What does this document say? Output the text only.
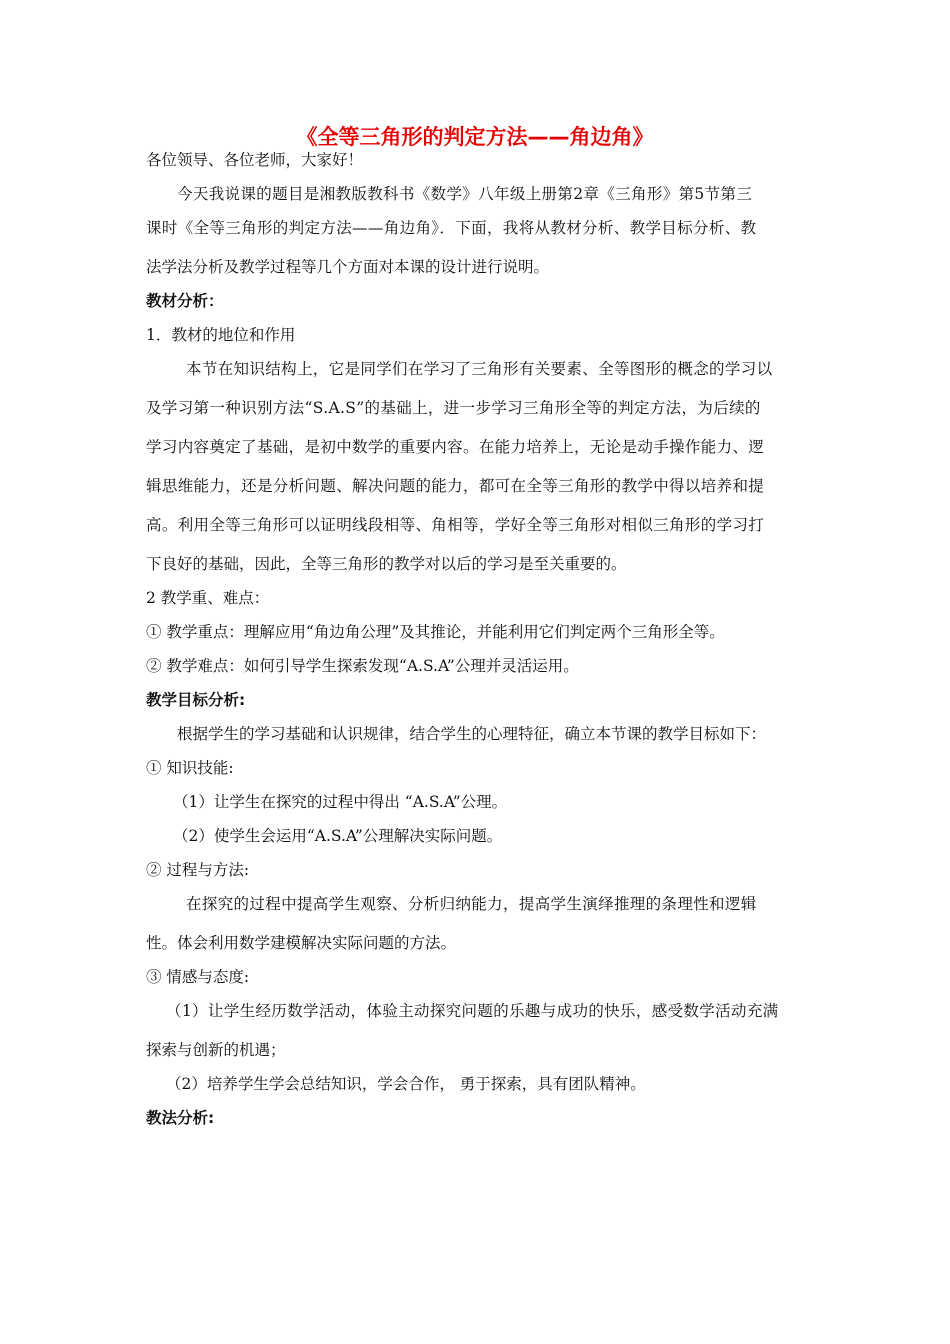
《全等三角形的判定方法——角边角》
各位领导、各位老师，大家好！
今天我说课的题目是湘教版教科书《数学》八年级上册第2章《三角形》第5节第三
课时《全等三角形的判定方法——角边角》．下面，我将从教材分析、教学目标分析、教
法学法分析及教学过程等几个方面对本课的设计进行说明。
教材分析：
1．教材的地位和作用
本节在知识结构上，它是同学们在学习了三角形有关要素、全等图形的概念的学习以
及学习第一种识别方法“S.A.S”的基础上，进一步学习三角形全等的判定方法，为后续的
学习内容奠定了基础，是初中数学的重要内容。在能力培养上，无论是动手操作能力、逻
辑思维能力，还是分析问题、解决问题的能力，都可在全等三角形的教学中得以培养和提
高。利用全等三角形可以证明线段相等、角相等，学好全等三角形对相似三角形的学习打
下良好的基础，因此，全等三角形的教学对以后的学习是至关重要的。
2 教学重、难点：
① 教学重点：理解应用“角边角公理”及其推论，并能利用它们判定两个三角形全等。
② 教学难点：如何引导学生探索发现“A.S.A”公理并灵活运用。
教学目标分析:
根据学生的学习基础和认识规律，结合学生的心理特征，确立本节课的教学目标如下：
① 知识技能:
（1）让学生在探究的过程中得出 “A.S.A”公理。
（2）使学生会运用“A.S.A”公理解决实际问题。
② 过程与方法:
在探究的过程中提高学生观察、分析归纳能力，提高学生演绎推理的条理性和逻辑
性。体会利用数学建模解决实际问题的方法。
③ 情感与态度:
（1）让学生经历数学活动，体验主动探究问题的乐趣与成功的快乐，感受数学活动充满
探索与创新的机遇；
（2）培养学生学会总结知识，学会合作， 勇于探索，具有团队精神。
教法分析:
